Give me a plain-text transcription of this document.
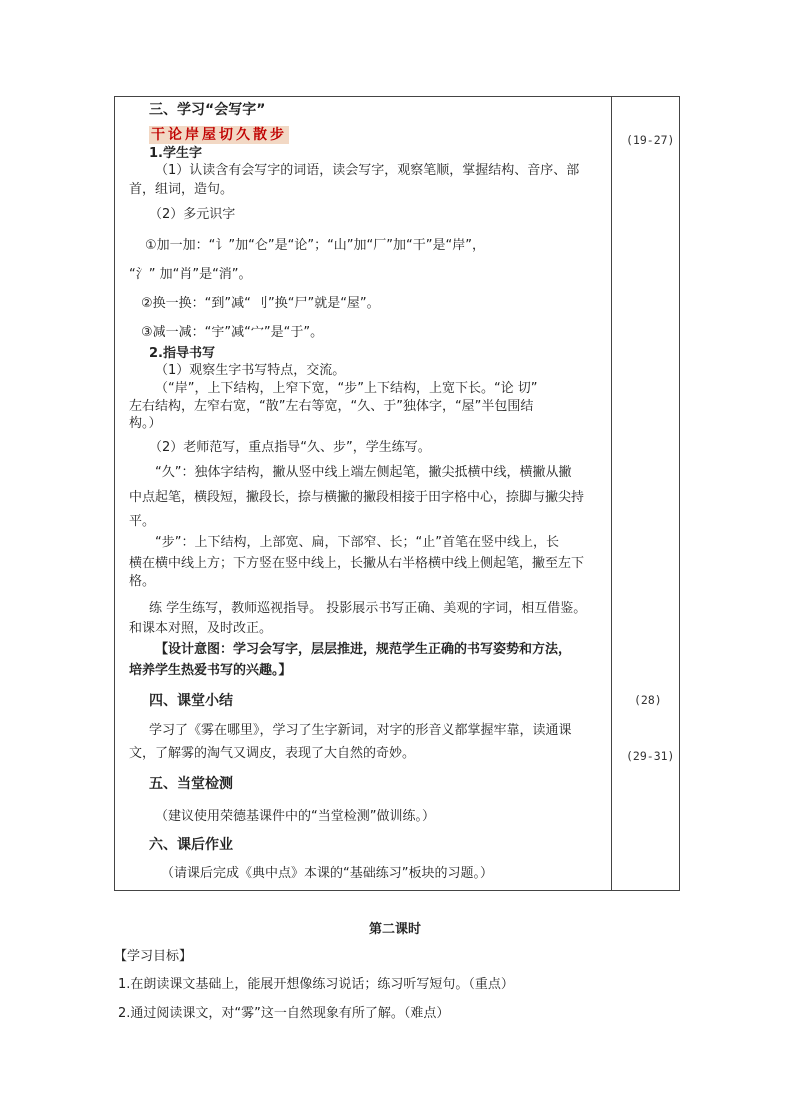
三、学习“会写字”
干论岸屋切久散步
1.学生字
（1）认读含有会写字的词语，读会写字，观察笔顺，掌握结构、音序、部
首，组词，造句。
（2）多元识字
①加一加：“讠”加“仑”是“论”；“山”加“厂”加“干”是“岸”，
“氵” 加“肖”是“消”。
②换一换：“到”减“ 刂”换“尸”就是“屋”。
③减一减：“宇”减“宀”是“于”。
2.指导书写
（1）观察生字书写特点，交流。
（“岸”，上下结构，上窄下宽，“步”上下结构，上宽下长。“论 切”
左右结构，左窄右宽，“散”左右等宽，“久、于”独体字，“屋”半包围结
构。）
（2）老师范写，重点指导“久、步”，学生练写。
“久”：独体字结构，撇从竖中线上端左侧起笔，撇尖抵横中线，横撇从撇
中点起笔，横段短，撇段长，捺与横撇的撇段相接于田字格中心，捺脚与撇尖持
平。
“步”：上下结构，上部宽、扁，下部窄、长；“止”首笔在竖中线上，长
横在横中线上方；下方竖在竖中线上，长撇从右半格横中线上侧起笔，撇至左下
格。
练 学生练写，教师巡视指导。 投影展示书写正确、美观的字词，相互借鉴。
和课本对照，及时改正。
【设计意图：学习会写字，层层推进，规范学生正确的书写姿势和方法，
培养学生热爱书写的兴趣。】
四、课堂小结
学习了《雾在哪里》，学习了生字新词，对字的形音义都掌握牢靠，读通课
文，了解雾的淘气又调皮，表现了大自然的奇妙。
五、当堂检测
（建议使用荣德基课件中的“当堂检测”做训练。）
六、课后作业
（请课后完成《典中点》本课的“基础练习”板块的习题。）
(19-27)
(28)
(29-31)
第二课时
【学习目标】
1.在朗读课文基础上，能展开想像练习说话；练习听写短句。（重点）
2.通过阅读课文，对“雾”这一自然现象有所了解。（难点）
